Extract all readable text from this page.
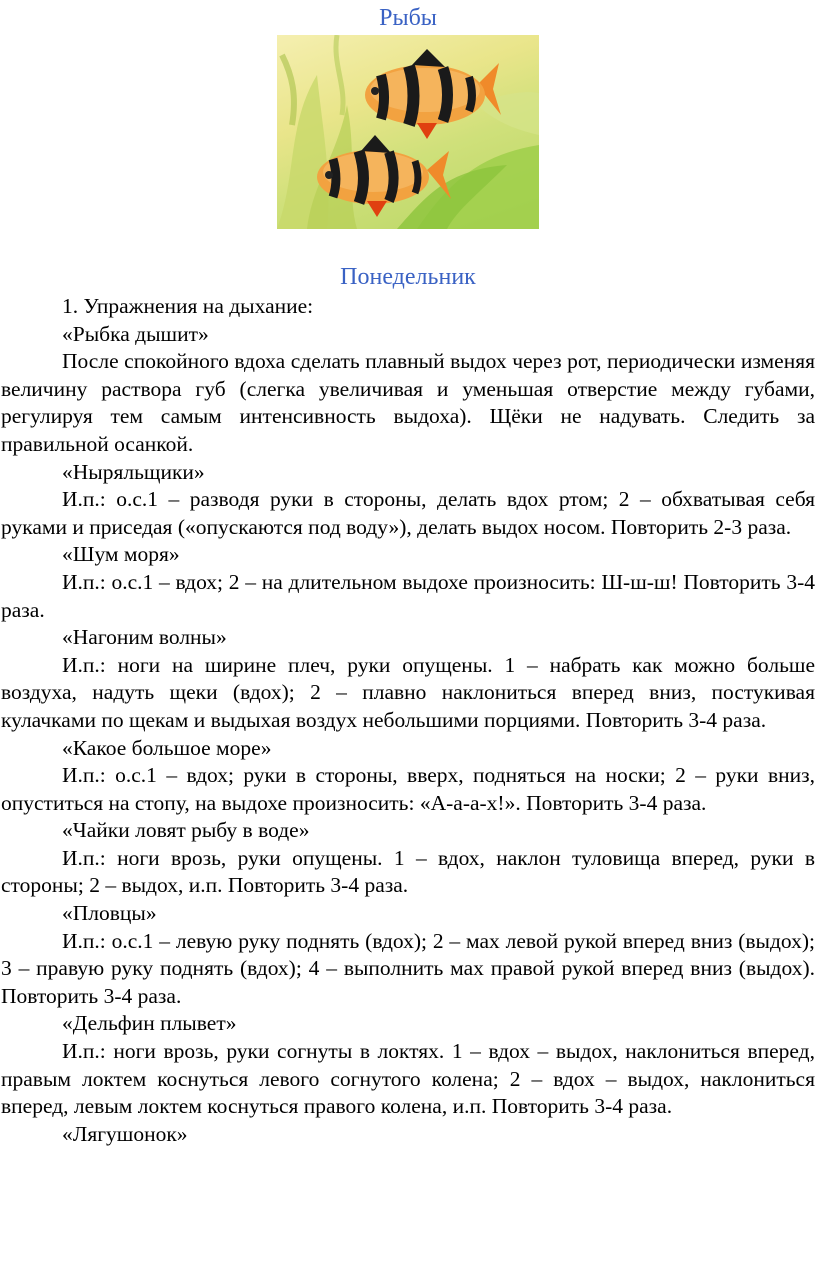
Рыбы
Понедельник

1. Упражнения на дыхание:

«Рыбка дышит»

После спокойного вдоха сделать плавный выдох через рот, периодически изменяя величину раствора губ (слегка увеличивая и уменьшая отверстие между губами, регулируя тем самым интенсивность выдоха). Щёки не надувать. Следить за правильной осанкой.

«Ныряльщики»

И.п.: о.с.1 – разводя руки в стороны, делать вдох ртом; 2 – обхватывая себя руками и приседая («опускаются под воду»), делать выдох носом. Повторить 2-3 раза.

«Шум моря»

И.п.: о.с.1 – вдох; 2 – на длительном выдохе произносить: Ш-ш-ш! Повторить 3-4 раза.

«Нагоним волны»

И.п.: ноги на ширине плеч, руки опущены. 1 – набрать как можно больше воздуха, надуть щеки (вдох); 2 – плавно наклониться вперед вниз, постукивая кулачками по щекам и выдыхая воздух небольшими порциями. Повторить 3-4 раза.

«Какое большое море»

И.п.: о.с.1 – вдох; руки в стороны, вверх, подняться на носки; 2 – руки вниз, опуститься на стопу, на выдохе произносить: «А-а-а-х!». Повторить 3-4 раза.

«Чайки ловят рыбу в воде»

И.п.: ноги врозь, руки опущены. 1 – вдох, наклон туловища вперед, руки в стороны; 2 – выдох, и.п. Повторить 3-4 раза.

«Пловцы»

И.п.: о.с.1 – левую руку поднять (вдох); 2 – мах левой рукой вперед вниз (выдох); 3 – правую руку поднять (вдох); 4 – выполнить мах правой рукой вперед вниз (выдох). Повторить 3-4 раза.

«Дельфин плывет»

И.п.: ноги врозь, руки согнуты в локтях. 1 – вдох – выдох, наклониться вперед, правым локтем коснуться левого согнутого колена; 2 – вдох – выдох, наклониться вперед, левым локтем коснуться правого колена, и.п. Повторить 3-4 раза.

«Лягушонок»
